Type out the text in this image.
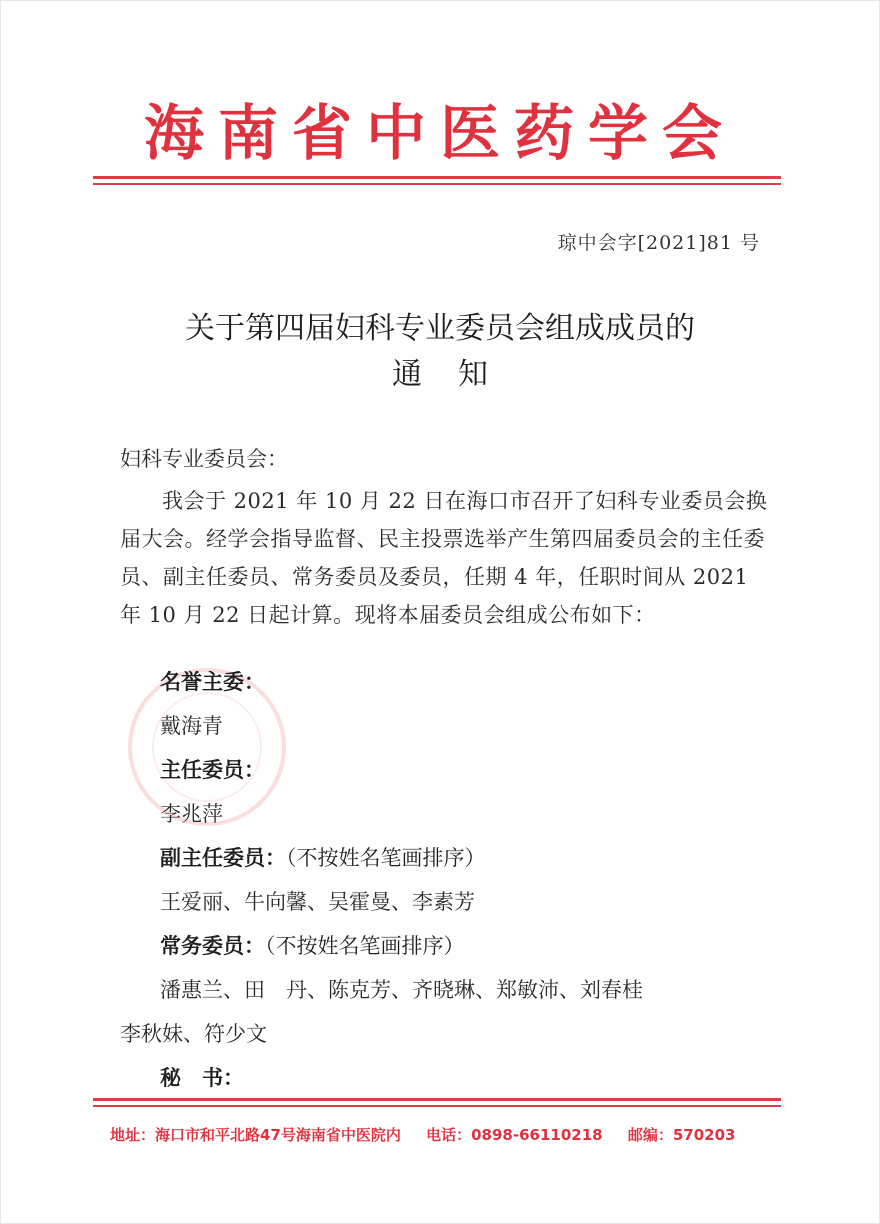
海南省中医药学会
琼中会字[2021]81 号
关于第四届妇科专业委员会组成成员的
通知
妇科专业委员会：
我会于 2021 年 10 月 22 日在海口市召开了妇科专业委员会换届大会。经学会指导监督、民主投票选举产生第四届委员会的主任委员、副主任委员、常务委员及委员，任期 4 年，任职时间从 2021 年 10 月 22 日起计算。现将本届委员会组成公布如下：
名誉主委：
戴海青
主任委员：
李兆萍
副主任委员：（不按姓名笔画排序）
王爱丽、牛向馨、吴霍曼、李素芳
常务委员：（不按姓名笔画排序）
潘惠兰、田　丹、陈克芳、齐晓琳、郑敏沛、刘春桂
李秋妹、符少文
秘　书：
地址：海口市和平北路47号海南省中医院内 电话：0898-66110218 邮编：570203
